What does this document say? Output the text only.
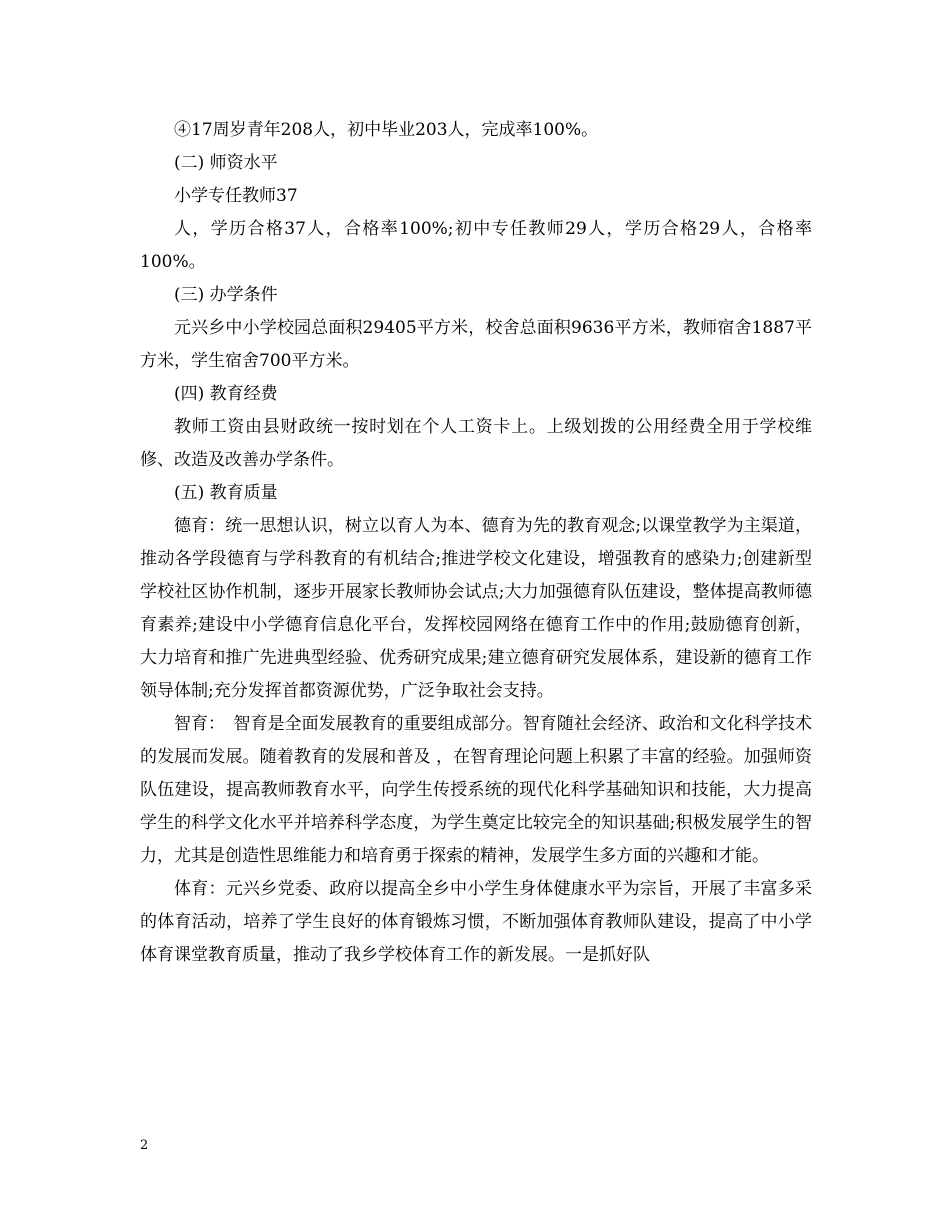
④17周岁青年208人，初中毕业203人，完成率100%。

(二) 师资水平

小学专任教师37

人，学历合格37人，合格率100%;初中专任教师29人，学历合格29人，合格率100%。

(三) 办学条件

元兴乡中小学校园总面积29405平方米，校舍总面积9636平方米，教师宿舍1887平方米，学生宿舍700平方米。

(四) 教育经费

教师工资由县财政统一按时划在个人工资卡上。上级划拨的公用经费全用于学校维修、改造及改善办学条件。

(五) 教育质量

德育：统一思想认识，树立以育人为本、德育为先的教育观念;以课堂教学为主渠道，推动各学段德育与学科教育的有机结合;推进学校文化建设，增强教育的感染力;创建新型学校社区协作机制，逐步开展家长教师协会试点;大力加强德育队伍建设，整体提高教师德育素养;建设中小学德育信息化平台，发挥校园网络在德育工作中的作用;鼓励德育创新，大力培育和推广先进典型经验、优秀研究成果;建立德育研究发展体系，建设新的德育工作领导体制;充分发挥首都资源优势，广泛争取社会支持。

智育：　智育是全面发展教育的重要组成部分。智育随社会经济、政治和文化科学技术的发展而发展。随着教育的发展和普及 ，在智育理论问题上积累了丰富的经验。加强师资队伍建设，提高教师教育水平，向学生传授系统的现代化科学基础知识和技能，大力提高学生的科学文化水平并培养科学态度，为学生奠定比较完全的知识基础;积极发展学生的智力，尤其是创造性思维能力和培育勇于探索的精神，发展学生多方面的兴趣和才能。

体育：元兴乡党委、政府以提高全乡中小学生身体健康水平为宗旨，开展了丰富多采的体育活动，培养了学生良好的体育锻炼习惯，不断加强体育教师队建设，提高了中小学体育课堂教育质量，推动了我乡学校体育工作的新发展。一是抓好队

2
